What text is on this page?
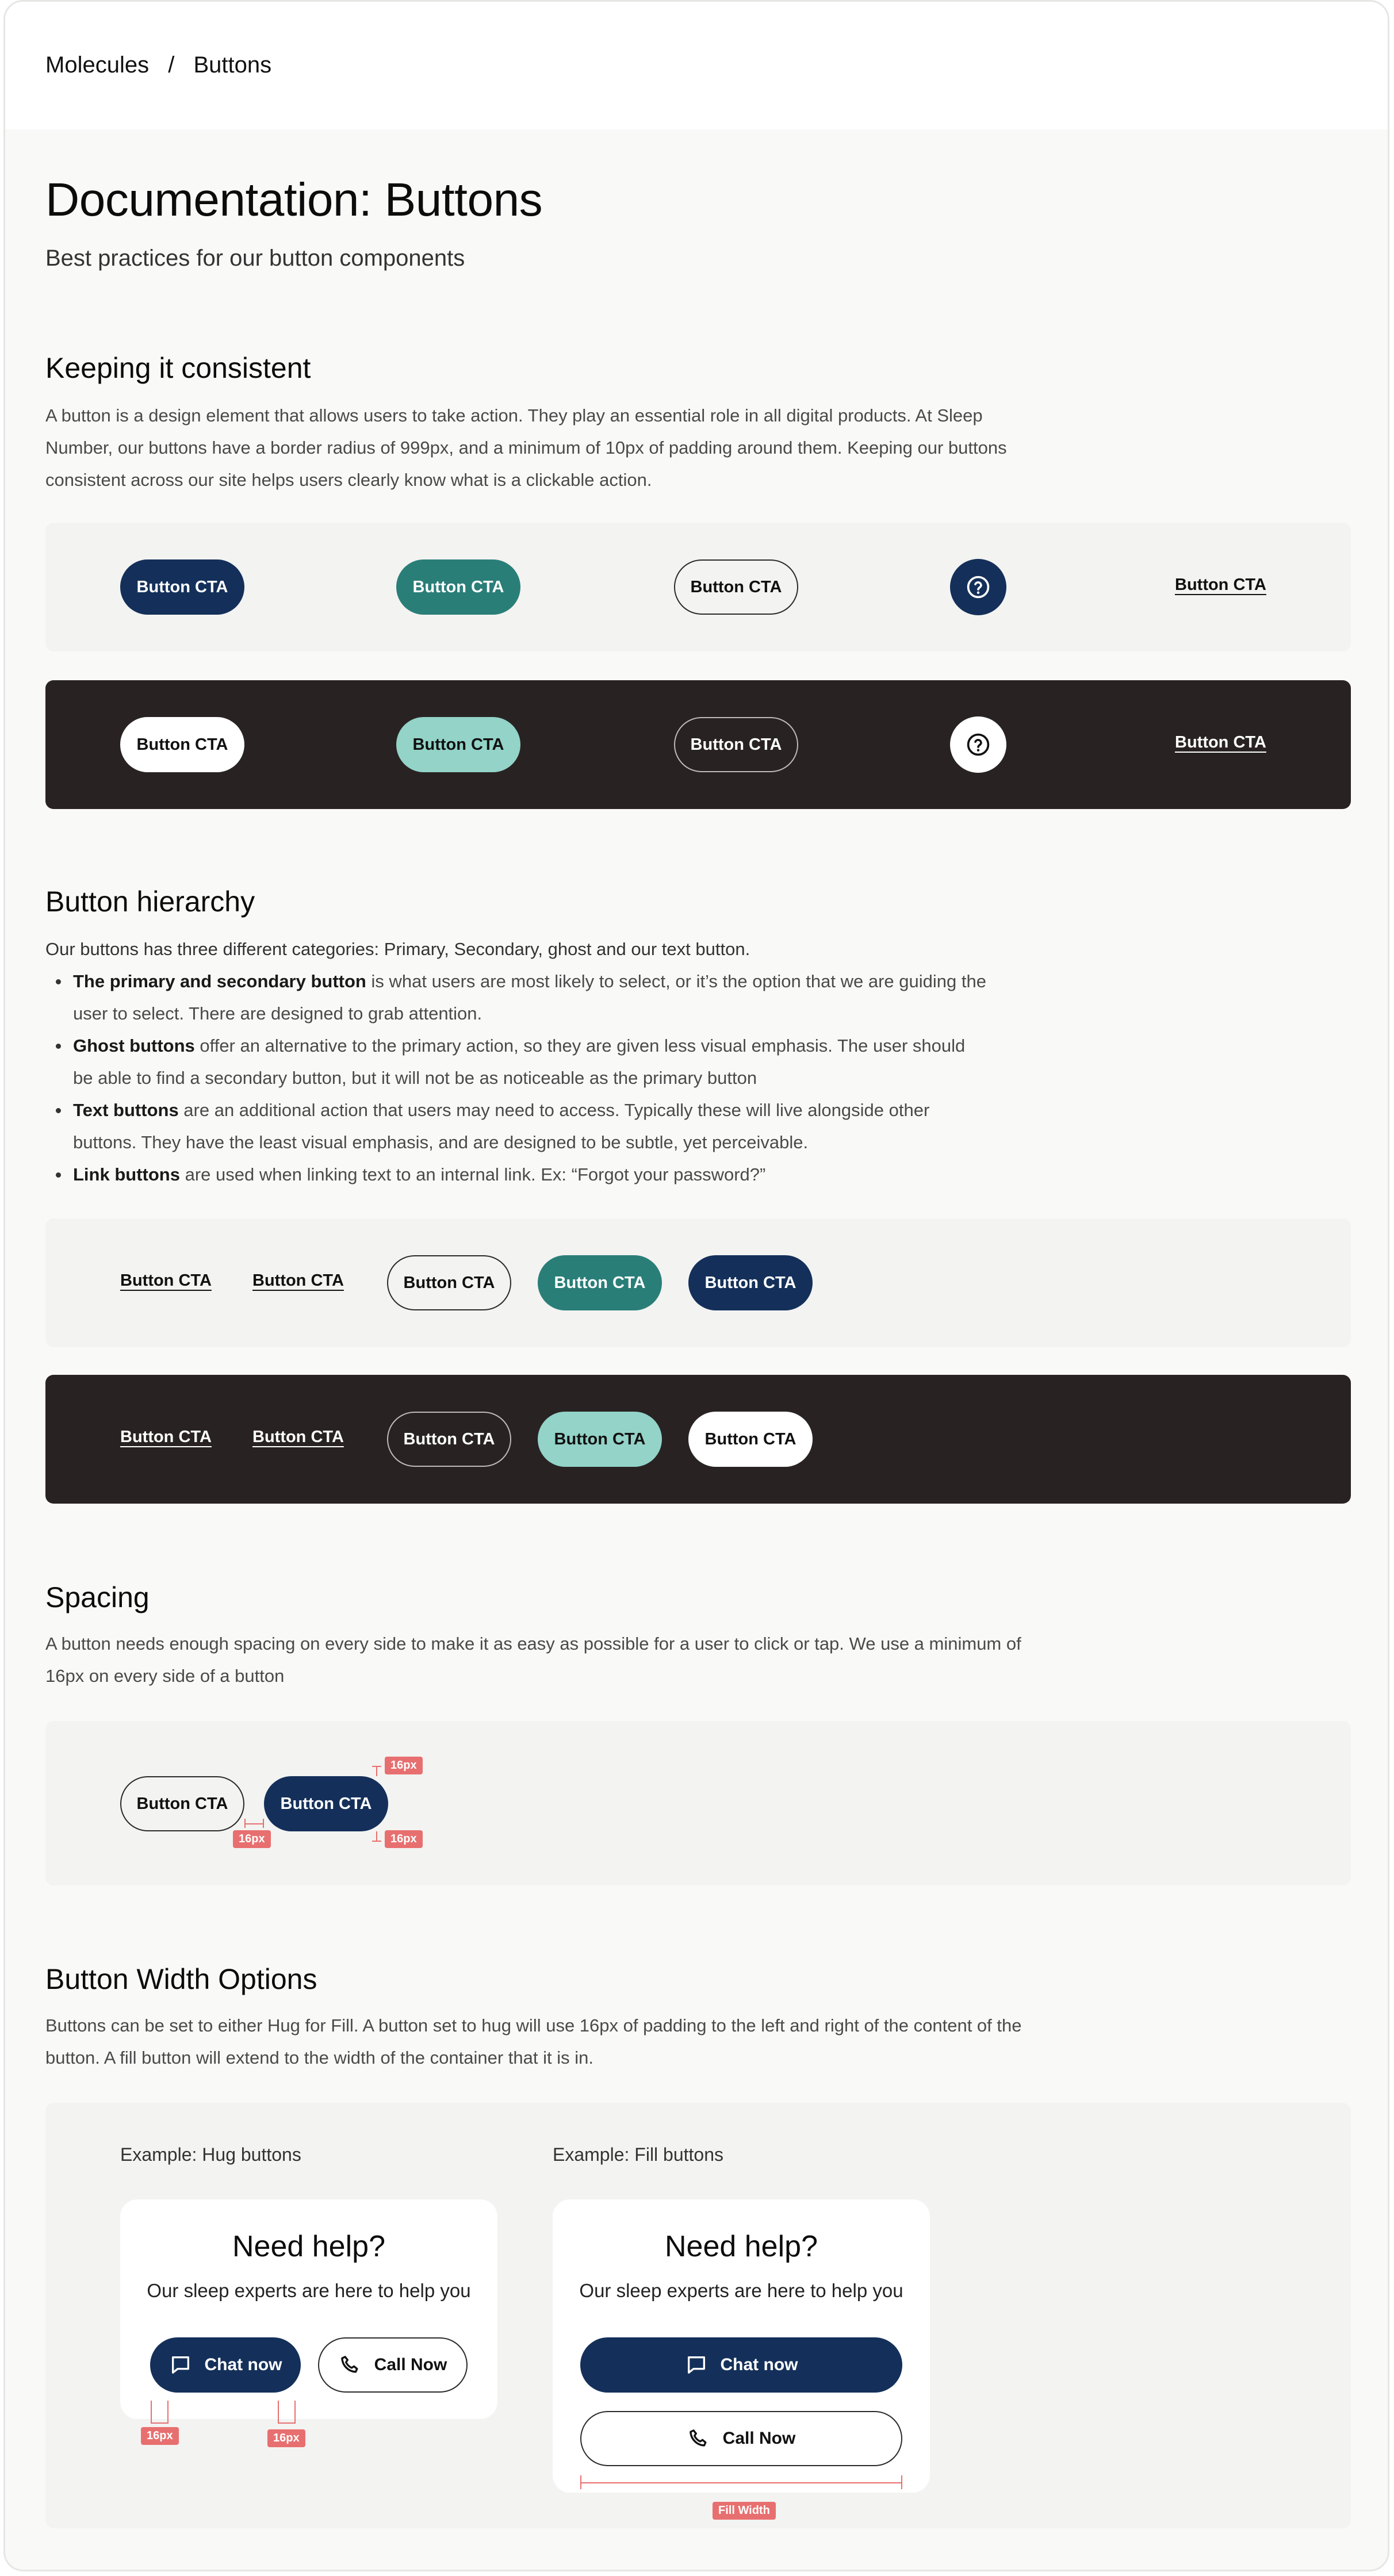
Molecules / Buttons
Documentation: Buttons
Best practices for our button components
Keeping it consistent
A button is a design element that allows users to take action. They play an essential role in all digital products. At Sleep Number, our buttons have a border radius of 999px, and a minimum of 10px of padding around them. Keeping our buttons consistent across our site helps users clearly know what is a clickable action.
Button CTA	Button CTA	Button CTA	Button CTA
Button CTA	Button CTA	Button CTA	Button CTA
Button hierarchy
Our buttons has three different categories: Primary, Secondary, ghost and our text button.
The primary and secondary button is what users are most likely to select, or it’s the option that we are guiding the user to select. There are designed to grab attention.
Ghost buttons offer an alternative to the primary action, so they are given less visual emphasis. The user should be able to find a secondary button, but it will not be as noticeable as the primary button
Text buttons are an additional action that users may need to access. Typically these will live alongside other buttons. They have the least visual emphasis, and are designed to be subtle, yet perceivable.
Link buttons are used when linking text to an internal link. Ex: “Forgot your password?”
Button CTA Button CTA	Button CTA	Button CTA	Button CTA
Button CTA Button CTA	Button CTA	Button CTA	Button CTA
Spacing
A button needs enough spacing on every side to make it as easy as possible for a user to click or tap. We use a minimum of 16px on every side of a button
Button CTA	Button CTA
16px
16px
16px
Button Width Options
Buttons can be set to either Hug for Fill. A button set to hug will use 16px of padding to the left and right of the content of the button. A fill button will extend to the width of the container that it is in.
Example: Hug buttons	Example: Fill buttons
Need help?
Our sleep experts are here to help you
Chat now	Call Now
16px	16px
Need help?
Our sleep experts are here to help you
Chat now
Call Now
Fill Width
